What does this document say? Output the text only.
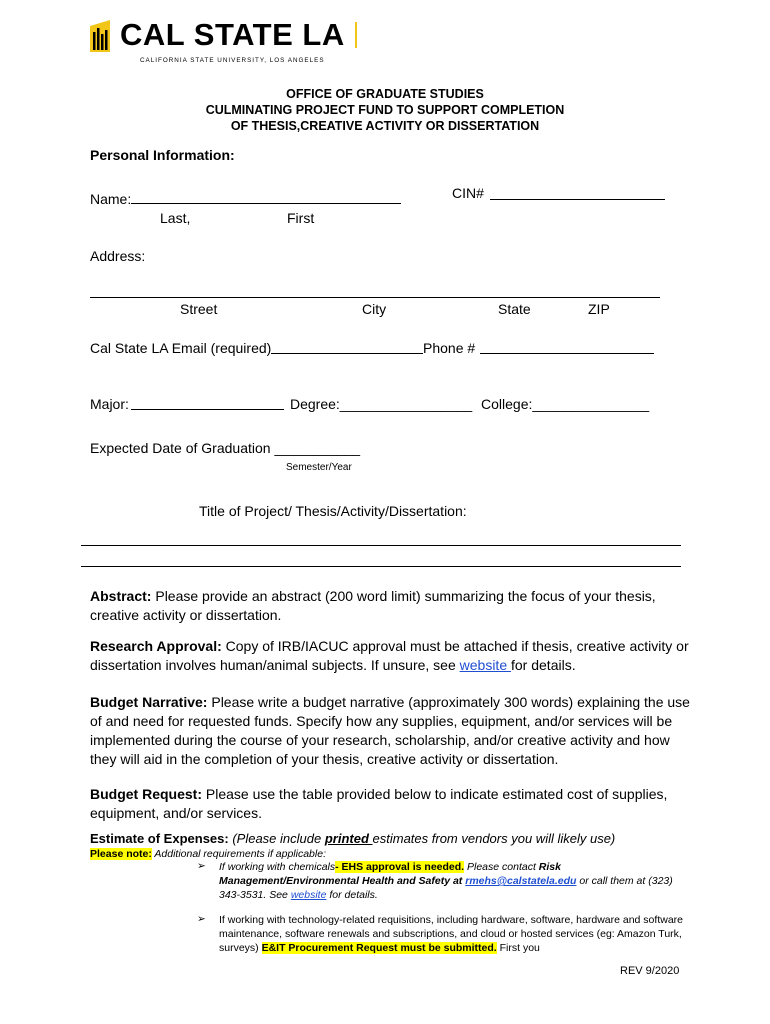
CAL STATE LA
CALIFORNIA STATE UNIVERSITY, LOS ANGELES
OFFICE OF GRADUATE STUDIES
CULMINATING PROJECT FUND TO SUPPORT COMPLETION
OF THESIS,CREATIVE ACTIVITY OR DISSERTATION
Personal Information:
Name:	CIN#
Last,	First
Address:
Street	City	State	ZIP
Cal State LA Email (required)	Phone #
Major:	Degree:_________________ College:_______________
Expected Date of Graduation ___________
Semester/Year
Title of Project/ Thesis/Activity/Dissertation:
Abstract: Please provide an abstract (200 word limit) summarizing the focus of your thesis, creative activity or dissertation.
Research Approval: Copy of IRB/IACUC approval must be attached if thesis, creative activity or dissertation involves human/animal subjects. If unsure, see website for details.
Budget Narrative: Please write a budget narrative (approximately 300 words) explaining the use of and need for requested funds. Specify how any supplies, equipment, and/or services will be implemented during the course of your research, scholarship, and/or creative activity and how they will aid in the completion of your thesis, creative activity or dissertation.
Budget Request: Please use the table provided below to indicate estimated cost of supplies, equipment, and/or services.
Estimate of Expenses: (Please include printed estimates from vendors you will likely use)
Please note: Additional requirements if applicable:
➢ If working with chemicals- EHS approval is needed. Please contact Risk Management/Environmental Health and Safety at rmehs@calstatela.edu or call them at (323) 343-3531. See website for details.
➢ If working with technology-related requisitions, including hardware, software, hardware and software maintenance, software renewals and subscriptions, and cloud or hosted services (eg: Amazon Turk, surveys) E&IT Procurement Request must be submitted. First you
REV 9/2020
